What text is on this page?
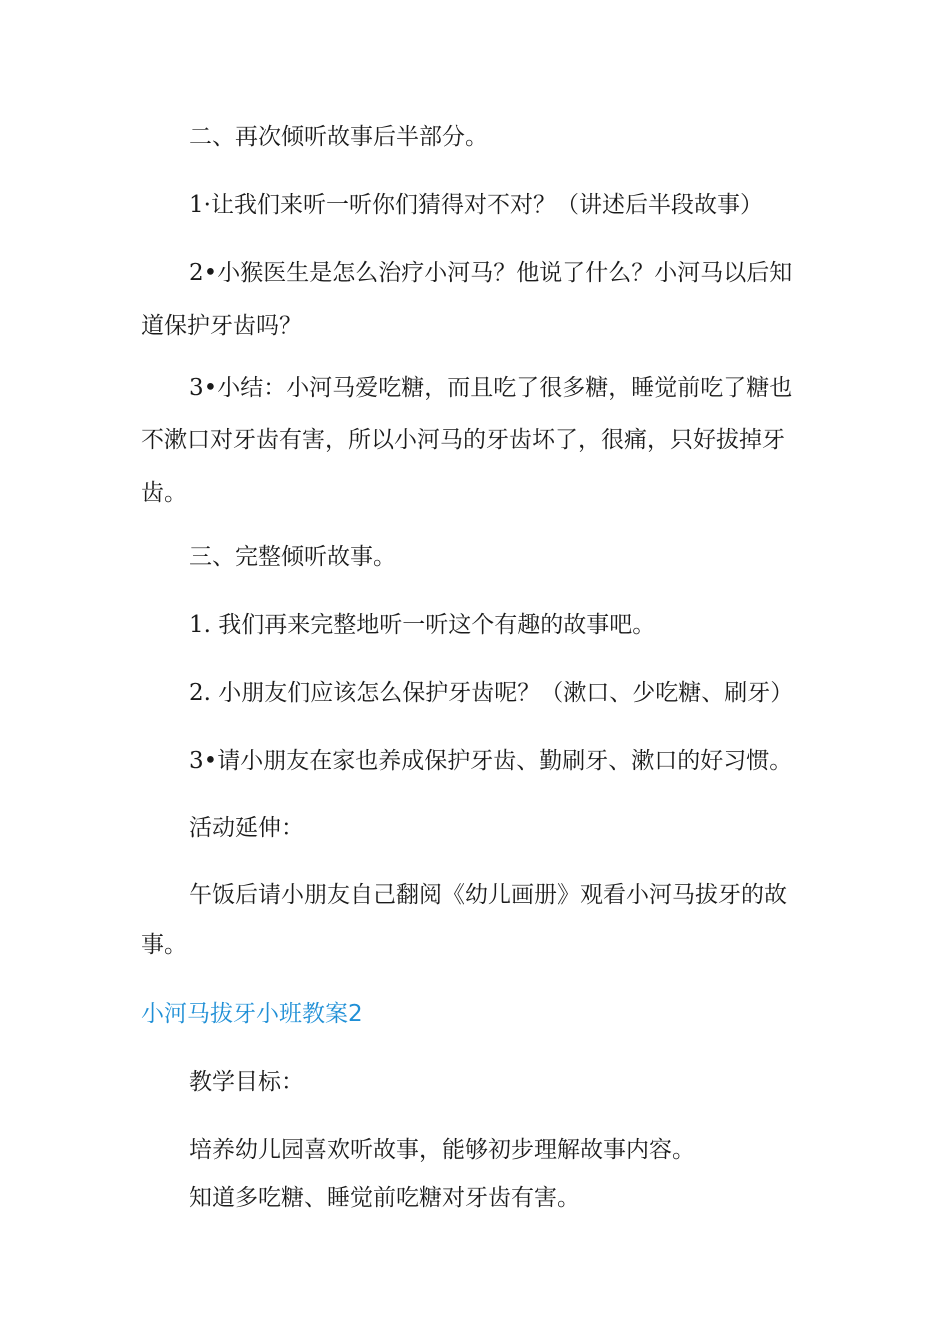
二、再次倾听故事后半部分。

1·让我们来听一听你们猜得对不对？（讲述后半段故事）

2•小猴医生是怎么治疗小河马？他说了什么？小河马以后知

道保护牙齿吗？

3•小结：小河马爱吃糖，而且吃了很多糖，睡觉前吃了糖也

不漱口对牙齿有害，所以小河马的牙齿坏了，很痛，只好拔掉牙

齿。

三、完整倾听故事。

1. 我们再来完整地听一听这个有趣的故事吧。

2. 小朋友们应该怎么保护牙齿呢？（漱口、少吃糖、刷牙）

3•请小朋友在家也养成保护牙齿、勤刷牙、漱口的好习惯。

活动延伸：

午饭后请小朋友自己翻阅《幼儿画册》观看小河马拔牙的故

事。

小河马拔牙小班教案2

教学目标：

培养幼儿园喜欢听故事，能够初步理解故事内容。

知道多吃糖、睡觉前吃糖对牙齿有害。
